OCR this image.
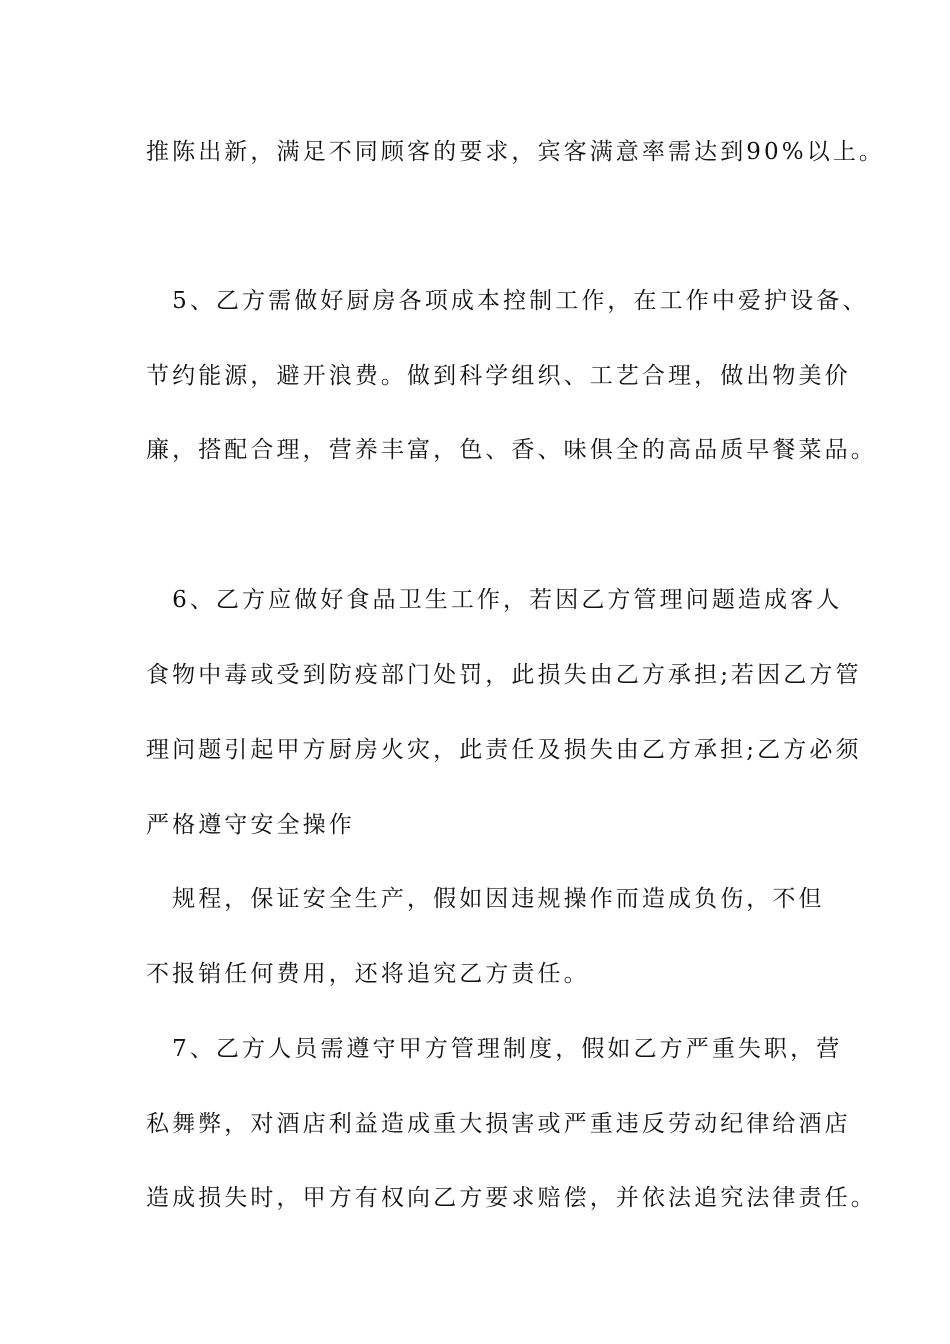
推陈出新，满足不同顾客的要求，宾客满意率需达到90%以上。
　5、乙方需做好厨房各项成本控制工作，在工作中爱护设备、
节约能源，避开浪费。做到科学组织、工艺合理，做出物美价
廉，搭配合理，营养丰富，色、香、味俱全的高品质早餐菜品。
　6、乙方应做好食品卫生工作，若因乙方管理问题造成客人
食物中毒或受到防疫部门处罚，此损失由乙方承担;若因乙方管
理问题引起甲方厨房火灾，此责任及损失由乙方承担;乙方必须
严格遵守安全操作
　规程，保证安全生产，假如因违规操作而造成负伤，不但
不报销任何费用，还将追究乙方责任。
　7、乙方人员需遵守甲方管理制度，假如乙方严重失职，营
私舞弊，对酒店利益造成重大损害或严重违反劳动纪律给酒店
造成损失时，甲方有权向乙方要求赔偿，并依法追究法律责任。
